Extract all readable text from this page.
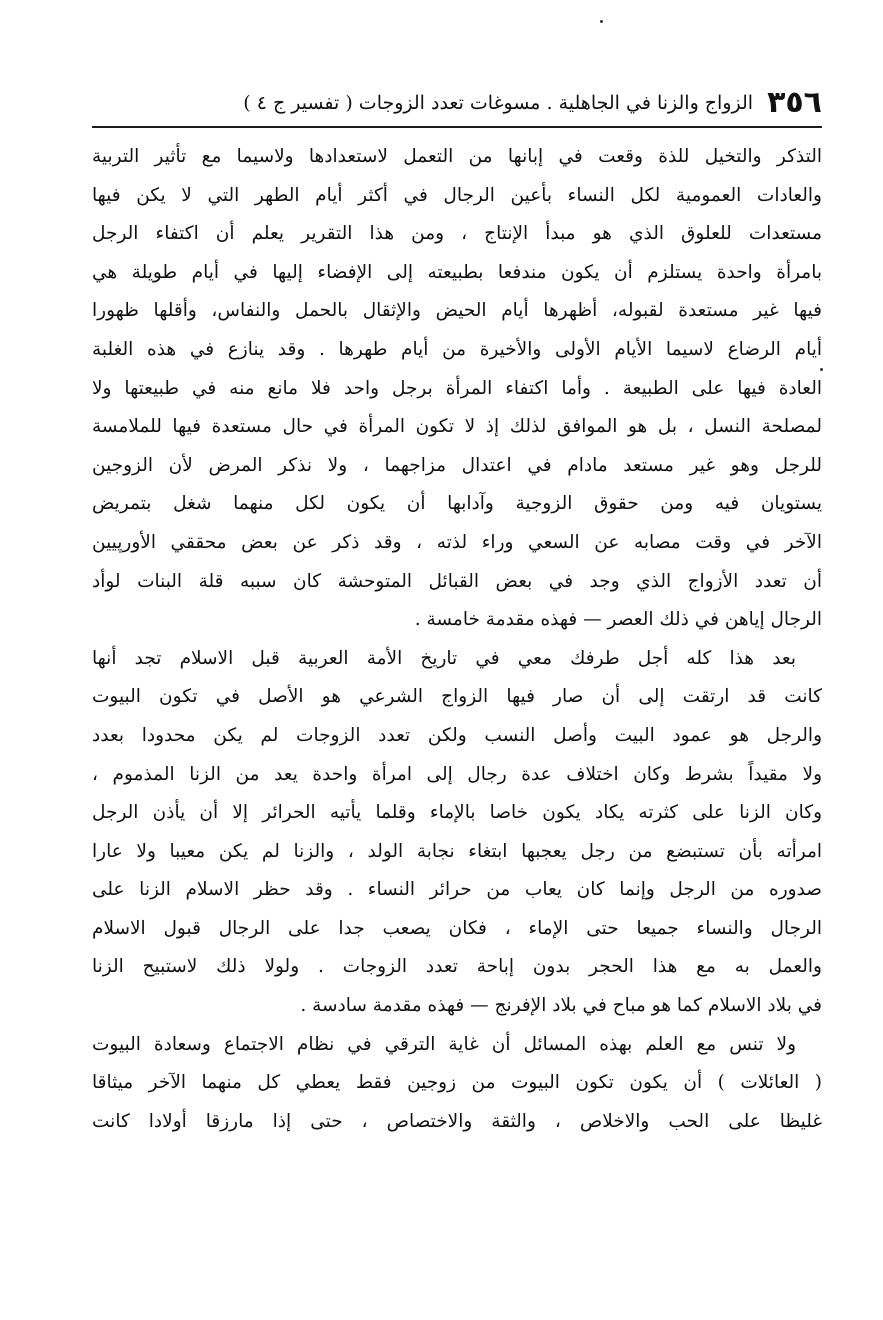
٣٥٦
الزواج والزنا في الجاهلية . مسوغات تعدد الزوجات ( تفسير ج ٤ )
التذكر والتخيل للذة وقعت في إبانها من التعمل لاستعدادها ولاسيما مع تأثير التربية
والعادات العمومية لكل النساء بأعين الرجال في أكثر أيام الطهر التي لا يكن فيها
مستعدات للعلوق الذي هو مبدأ الإنتاج ، ومن هذا التقرير يعلم أن اكتفاء الرجل
بامرأة واحدة يستلزم أن يكون مندفعا بطبيعته إلى الإفضاء إليها في أيام طويلة هي
فيها غير مستعدة لقبوله، أظهرها أيام الحيض والإثقال بالحمل والنفاس، وأقلها ظهورا
أيام الرضاع لاسيما الأيام الأولى والأخيرة من أيام طهرها . وقد ينازع في هذه الغلبة
العادة فيها على الطبيعة . وأما اكتفاء المرأة برجل واحد فلا مانع منه في طبيعتها ولا
لمصلحة النسل ، بل هو الموافق لذلك إذ لا تكون المرأة في حال مستعدة فيها للملامسة
للرجل وهو غير مستعد مادام في اعتدال مزاجهما ، ولا نذكر المرض لأن الزوجين
يستويان فيه ومن حقوق الزوجية وآدابها أن يكون لكل منهما شغل بتمريض
الآخر في وقت مصابه عن السعي وراء لذته ، وقد ذكر عن بعض محققي الأورپيين
أن تعدد الأزواج الذي وجد في بعض القبائل المتوحشة كان سببه قلة البنات لوأد
الرجال إياهن في ذلك العصر — فهذه مقدمة خامسة .
بعد هذا كله أجل طرفك معي في تاريخ الأمة العربية قبل الاسلام تجد أنها
كانت قد ارتقت إلى أن صار فيها الزواج الشرعي هو الأصل في تكون البيوت
والرجل هو عمود البيت وأصل النسب ولكن تعدد الزوجات لم يكن محدودا بعدد
ولا مقيداً بشرط وكان اختلاف عدة رجال إلى امرأة واحدة يعد من الزنا المذموم ،
وكان الزنا على كثرته يكاد يكون خاصا بالإماء وقلما يأتيه الحرائر إلا أن يأذن الرجل
امرأته بأن تستبضع من رجل يعجبها ابتغاء نجابة الولد ، والزنا لم يكن معيبا ولا عارا
صدوره من الرجل وإنما كان يعاب من حرائر النساء . وقد حظر الاسلام الزنا على
الرجال والنساء جميعا حتى الإماء ، فكان يصعب جدا على الرجال قبول الاسلام
والعمل به مع هذا الحجر بدون إباحة تعدد الزوجات . ولولا ذلك لاستبيح الزنا
في بلاد الاسلام كما هو مباح في بلاد الإفرنج — فهذه مقدمة سادسة .
ولا تنس مع العلم بهذه المسائل أن غاية الترقي في نظام الاجتماع وسعادة البيوت
( العائلات ) أن يكون تكون البيوت من زوجين فقط يعطي كل منهما الآخر ميثاقا
غليظا على الحب والاخلاص ، والثقة والاختصاص ، حتى إذا مارزقا أولادا كانت
